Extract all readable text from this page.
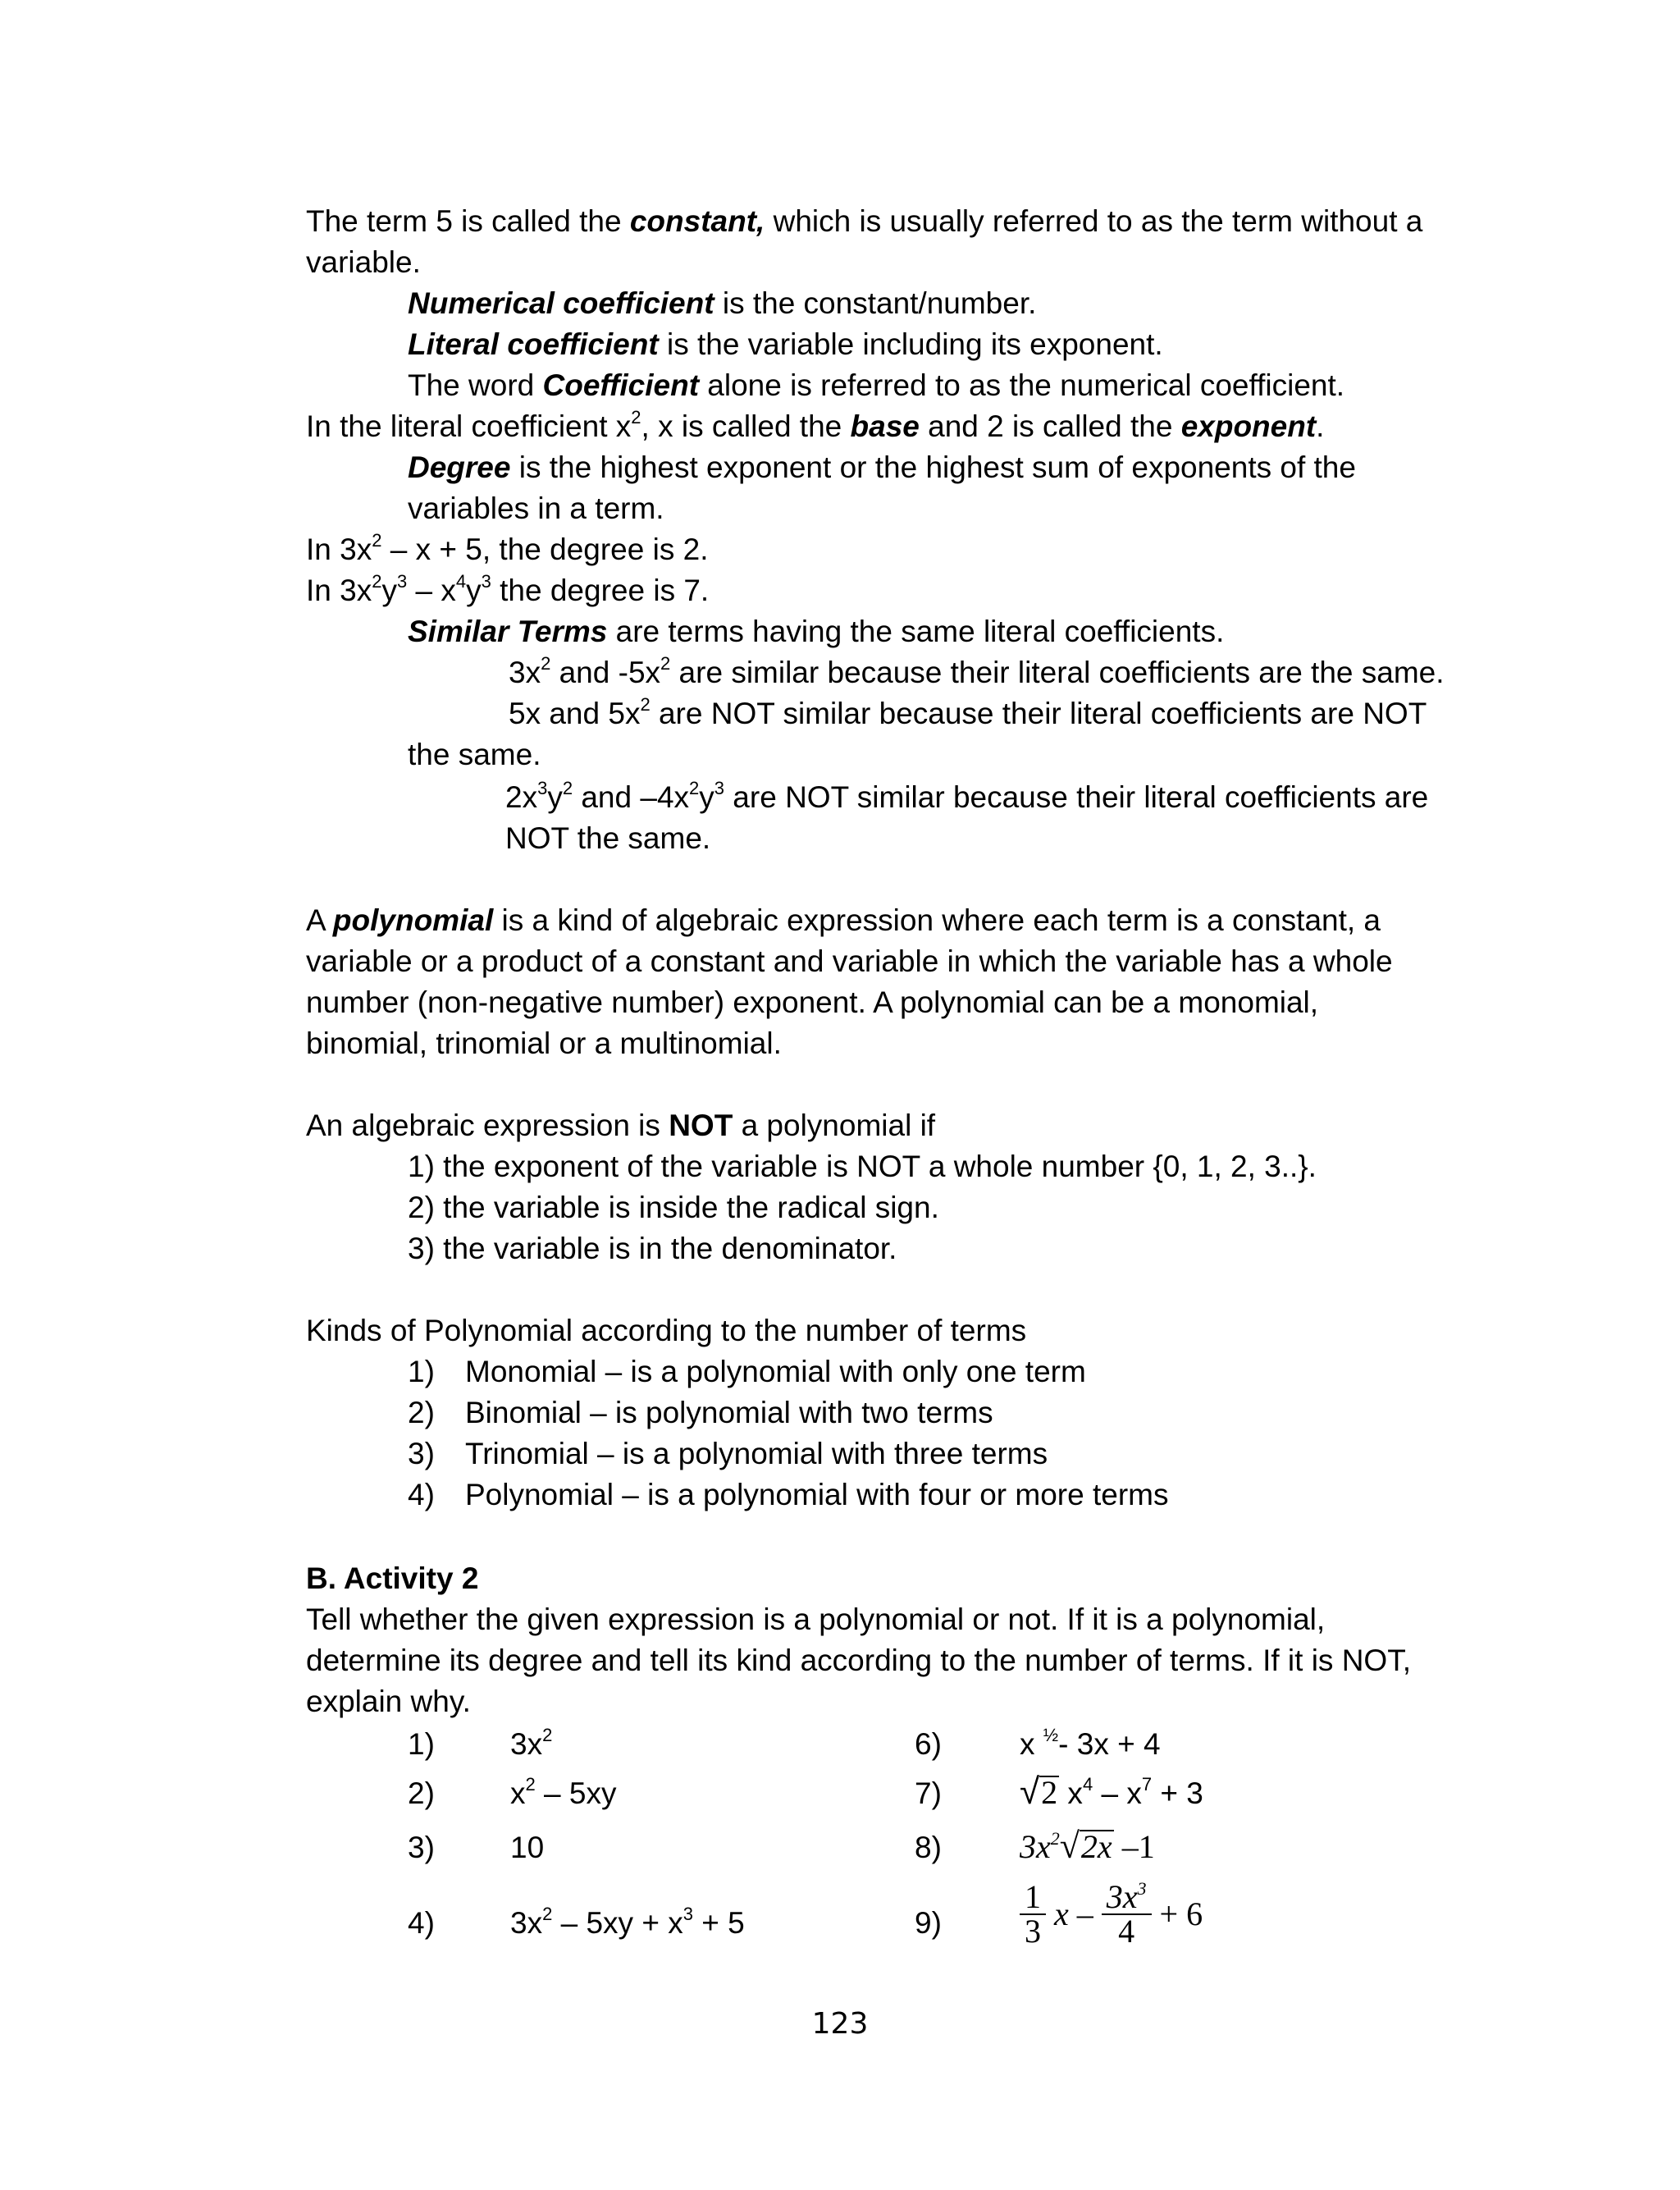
The term 5 is called the constant, which is usually referred to as the term without a
variable.
Numerical coefficient is the constant/number.
Literal coefficient is the variable including its exponent.
The word Coefficient alone is referred to as the numerical coefficient.
In the literal coefficient $x^2$, x is called the base and 2 is called the exponent.
Degree is the highest exponent or the highest sum of exponents of the
variables in a term.
In $3x^2 - x + 5$, the degree is 2.
In $3x^2y^3 - x^4y^3$ the degree is 7.
Similar Terms are terms having the same literal coefficients.
$3x^2$ and $-5x^2$ are similar because their literal coefficients are the same.
5x and $5x^2$ are NOT similar because their literal coefficients are NOT
the same.
$2x^3y^2$ and $-4x^2y^3$ are NOT similar because their literal coefficients are
NOT the same.
A polynomial is a kind of algebraic expression where each term is a constant, a
variable or a product of a constant and variable in which the variable has a whole
number (non-negative number) exponent. A polynomial can be a monomial,
binomial, trinomial or a multinomial.
An algebraic expression is NOT a polynomial if
1) the exponent of the variable is NOT a whole number {0, 1, 2, 3..}.
2) the variable is inside the radical sign.
3) the variable is in the denominator.
Kinds of Polynomial according to the number of terms
1) Monomial – is a polynomial with only one term
2) Binomial – is polynomial with two terms
3) Trinomial – is a polynomial with three terms
4) Polynomial – is a polynomial with four or more terms
B. Activity 2
Tell whether the given expression is a polynomial or not. If it is a polynomial,
determine its degree and tell its kind according to the number of terms. If it is NOT,
explain why.
1) $3x^2$
2) $x^2 - 5xy$
3) 10
4) $3x^2 - 5xy + x^3 + 5$
6)	x $^{\frac{1}{2}}$- 3x + 4
7) √2 $x^4 - x^7 + 3$
8) $3x^2√2x$ –1
$9) \frac{1}{3}$ $x - \frac{3x^3}{4} + 6$
123
